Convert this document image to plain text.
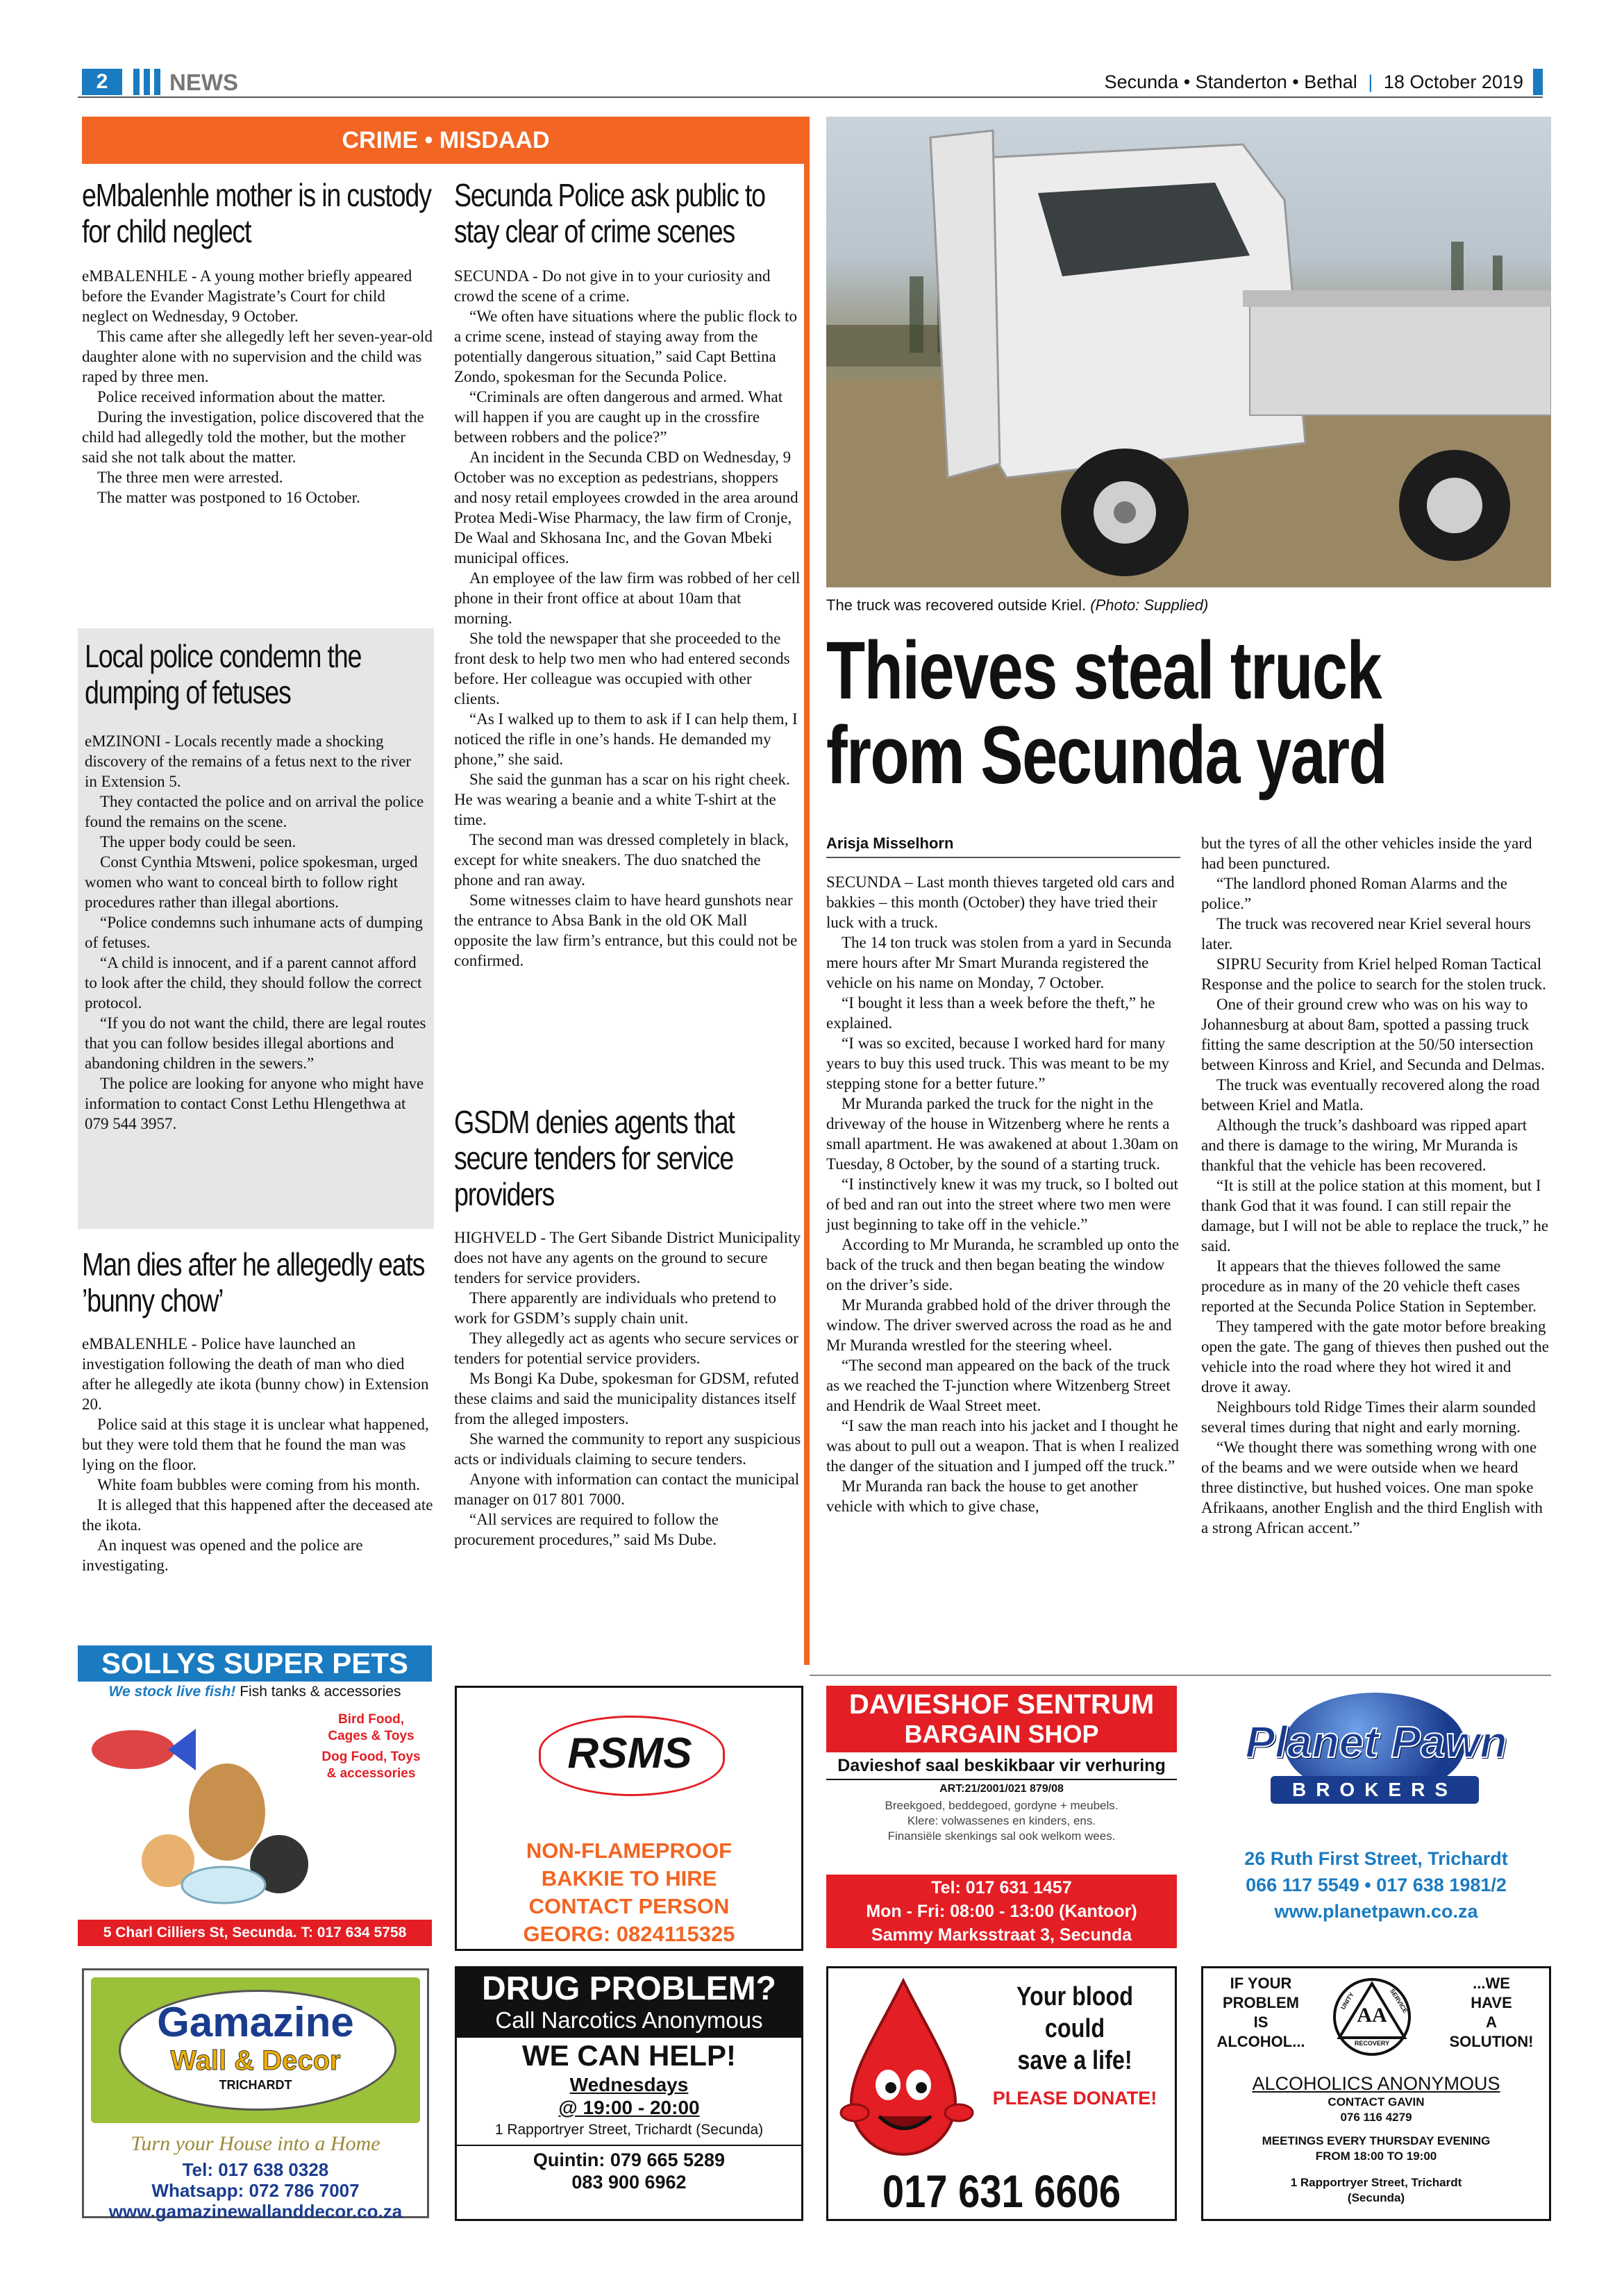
2	NEWS	Secunda • Standerton • Bethal | 18 October 2019
CRIME • MISDAAD
eMbalenhle mother is in custody for child neglect

eMBALENHLE - A young mother briefly appeared before the Evander Magistrate’s Court for child neglect on Wednesday, 9 October.

This came after she allegedly left her seven-year-old daughter alone with no supervision and the child was raped by three men.

Police received information about the matter.

During the investigation, police discovered that the child had allegedly told the mother, but the mother said she not talk about the matter.

The three men were arrested.

The matter was postponed to 16 October.

Local police condemn the dumping of fetuses

eMZINONI - Locals recently made a shocking discovery of the remains of a fetus next to the river in Extension 5.

They contacted the police and on arrival the police found the remains on the scene.

The upper body could be seen.

Const Cynthia Mtsweni, police spokesman, urged women who want to conceal birth to follow right procedures rather than illegal abortions.

“Police condemns such inhumane acts of dumping of fetuses.

“A child is innocent, and if a parent cannot afford to look after the child, they should follow the correct protocol.

“If you do not want the child, there are legal routes that you can follow besides illegal abortions and abandoning children in the sewers.”

The police are looking for anyone who might have information to contact Const Lethu Hlengethwa at 079 544 3957.

Man dies after he allegedly eats ’bunny chow’

eMBALENHLE - Police have launched an investigation following the death of man who died after he allegedly ate ikota (bunny chow) in Extension 20.

Police said at this stage it is unclear what happened, but they were told them that he found the man was lying on the floor.

White foam bubbles were coming from his month.

It is alleged that this happened after the deceased ate the ikota.

An inquest was opened and the police are investigating.

Secunda Police ask public to stay clear of crime scenes

SECUNDA - Do not give in to your curiosity and crowd the scene of a crime.

“We often have situations where the public flock to a crime scene, instead of staying away from the potentially dangerous situation,” said Capt Bettina Zondo, spokesman for the Secunda Police.

“Criminals are often dangerous and armed. What will happen if you are caught up in the crossfire between robbers and the police?”

An incident in the Secunda CBD on Wednesday, 9 October was no exception as pedestrians, shoppers and nosy retail employees crowded in the area around Protea Medi-Wise Pharmacy, the law firm of Cronje, De Waal and Skhosana Inc, and the Govan Mbeki municipal offices.

An employee of the law firm was robbed of her cell phone in their front office at about 10am that morning.

She told the newspaper that she proceeded to the front desk to help two men who had entered seconds before. Her colleague was occupied with other clients.

“As I walked up to them to ask if I can help them, I noticed the rifle in one’s hands. He demanded my phone,” she said.

She said the gunman has a scar on his right cheek. He was wearing a beanie and a white T-shirt at the time.

The second man was dressed completely in black, except for white sneakers. The duo snatched the phone and ran away.

Some witnesses claim to have heard gunshots near the entrance to Absa Bank in the old OK Mall opposite the law firm’s entrance, but this could not be confirmed.

GSDM denies agents that secure tenders for service providers

HIGHVELD - The Gert Sibande District Municipality does not have any agents on the ground to secure tenders for service providers.

There apparently are individuals who pretend to work for GSDM’s supply chain unit.

They allegedly act as agents who secure services or tenders for potential service providers.

Ms Bongi Ka Dube, spokesman for GDSM, refuted these claims and said the municipality distances itself from the alleged imposters.

She warned the community to report any suspicious acts or individuals claiming to secure tenders.

Anyone with information can contact the municipal manager on 017 801 7000.

“All services are required to follow the procurement procedures,” said Ms Dube.

The truck was recovered outside Kriel. (Photo: Supplied)
Thieves steal truck from Secunda yard
Arisja Misselhorn

SECUNDA – Last month thieves targeted old cars and bakkies – this month (October) they have tried their luck with a truck.

The 14 ton truck was stolen from a yard in Secunda mere hours after Mr Smart Muranda registered the vehicle on his name on Monday, 7 October.

“I bought it less than a week before the theft,” he explained.

“I was so excited, because I worked hard for many years to buy this used truck. This was meant to be my stepping stone for a better future.”

Mr Muranda parked the truck for the night in the driveway of the house in Witzenberg where he rents a small apartment. He was awakened at about 1.30am on Tuesday, 8 October, by the sound of a starting truck.

“I instinctively knew it was my truck, so I bolted out of bed and ran out into the street where two men were just beginning to take off in the vehicle.”

According to Mr Muranda, he scrambled up onto the back of the truck and then began beating the window on the driver’s side.

Mr Muranda grabbed hold of the driver through the window. The driver swerved across the road as he and Mr Muranda wrestled for the steering wheel.

“The second man appeared on the back of the truck as we reached the T-junction where Witzenberg Street and Hendrik de Waal Street meet.

“I saw the man reach into his jacket and I thought he was about to pull out a weapon. That is when I realized the danger of the situation and I jumped off the truck.”

Mr Muranda ran back the house to get another vehicle with which to give chase,

but the tyres of all the other vehicles inside the yard had been punctured.

“The landlord phoned Roman Alarms and the police.”

The truck was recovered near Kriel several hours later.

SIPRU Security from Kriel helped Roman Tactical Response and the police to search for the stolen truck.

One of their ground crew who was on his way to Johannesburg at about 8am, spotted a passing truck fitting the same description at the 50/50 intersection between Kinross and Kriel, and Secunda and Delmas.

The truck was eventually recovered along the road between Kriel and Matla.

Although the truck’s dashboard was ripped apart and there is damage to the wiring, Mr Muranda is thankful that the vehicle has been recovered.

“It is still at the police station at this moment, but I thank God that it was found. I can still repair the damage, but I will not be able to replace the truck,” he said.

It appears that the thieves followed the same procedure as in many of the 20 vehicle theft cases reported at the Secunda Police Station in September.

They tampered with the gate motor before breaking open the gate. The gang of thieves then pushed out the vehicle into the road where they hot wired it and drove it away.

Neighbours told Ridge Times their alarm sounded several times during that night and early morning.

“We thought there was something wrong with one of the beams and we were outside when we heard three distinctive, but hushed voices. One man spoke Afrikaans, another English and the third English with a strong African accent.”

SOLLYS SUPER PETS
We stock live fish! Fish tanks & accessories
Bird Food,
Cages & Toys
Dog Food, Toys
& accessories
5 Charl Cilliers St, Secunda. T: 017 634 5758
RSMS
NON-FLAMEPROOF
BAKKIE TO HIRE
CONTACT PERSON
GEORG: 0824115325
DAVIESHOF SENTRUM
BARGAIN SHOP
Davieshof saal beskikbaar vir verhuring
ART:21/2001/021 879/08
Breekgoed, beddegoed, gordyne + meubels.
Klere: volwassenes en kinders, ens.
Finansiële skenkings sal ook welkom wees.
Tel: 017 631 1457
Mon - Fri: 08:00 - 13:00 (Kantoor)
Sammy Marksstraat 3, Secunda
Planet Pawn
BROKERS
26 Ruth First Street, Trichardt
066 117 5549 • 017 638 1981/2
www.planetpawn.co.za
Gamazine
Wall & Decor
TRICHARDT
Turn your House into a Home
Tel: 017 638 0328
Whatsapp: 072 786 7007
www.gamazinewallanddecor.co.za
DRUG PROBLEM?
Call Narcotics Anonymous
WE CAN HELP!
Wednesdays
@ 19:00 - 20:00
1 Rapportryer Street, Trichardt (Secunda)
Quintin: 079 665 5289
083 900 6962
Your blood
could
save a life!
PLEASE DONATE!
017 631 6606
IF YOUR
PROBLEM
IS
ALCOHOL...
AA
UNITY	SERVICE
RECOVERY
...WE
HAVE
A
SOLUTION!
ALCOHOLICS ANONYMOUS
CONTACT GAVIN
076 116 4279
MEETINGS EVERY THURSDAY EVENING
FROM 18:00 TO 19:00
1 Rapportryer Street, Trichardt
(Secunda)
